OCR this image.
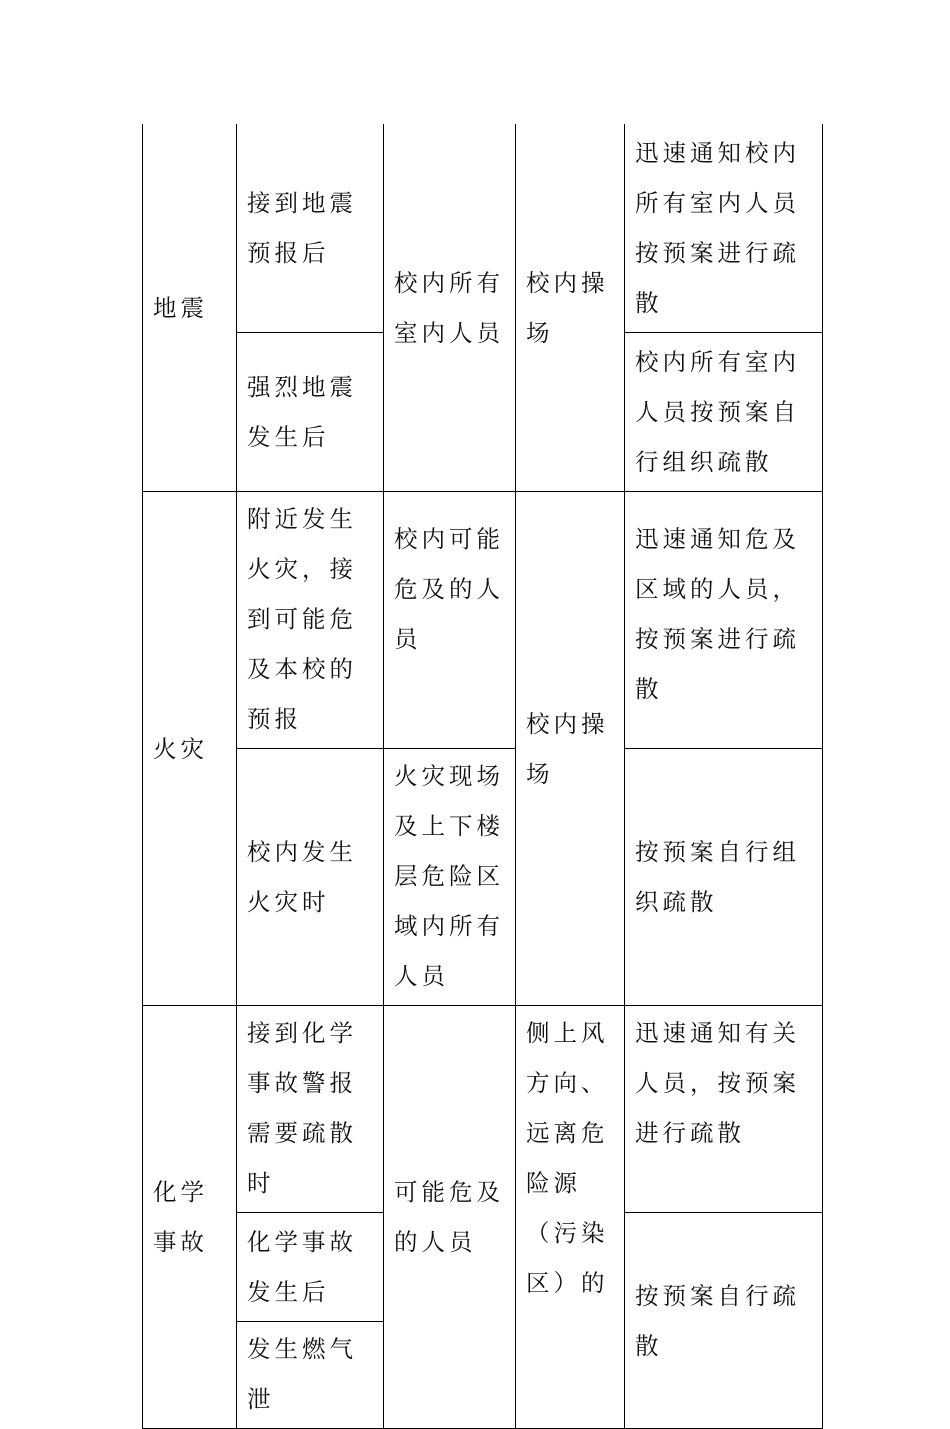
地震	接到地震预报后	校内所有室内人员	校内操场	迅速通知校内所有室内人员按预案进行疏散
	强烈地震发生后			校内所有室内人员按预案自行组织疏散
火灾	附近发生火灾，接到可能危及本校的预报	校内可能危及的人员	校内操场	迅速通知危及区域的人员，按预案进行疏散
	校内发生火灾时	火灾现场及上下楼层危险区域内所有人员		按预案自行组织疏散
化学事故	接到化学事故警报需要疏散时	可能危及的人员	侧上风方向、远离危险源（污染区）的	迅速通知有关人员，按预案进行疏散
	化学事故发生后			按预案自行疏散
	发生燃气泄			
